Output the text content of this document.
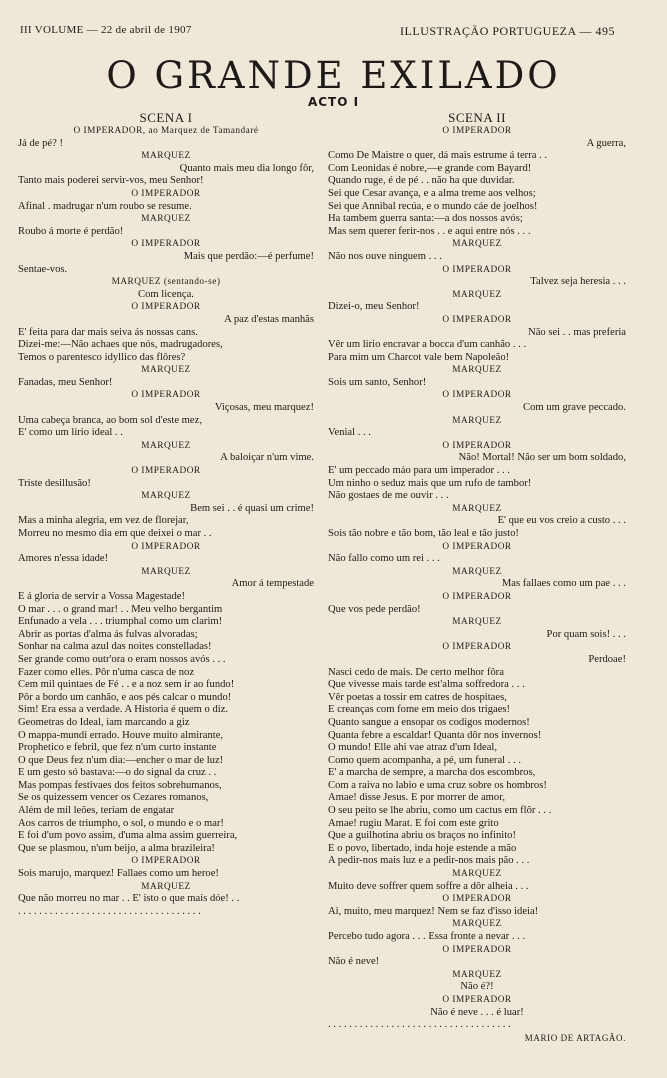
III VOLUME — 22 de abril de 1907	ILLUSTRAÇÃO PORTUGUEZA — 495
O GRANDE EXILADO
ACTO I
SCENA I
O IMPERADOR, ao Marquez de Tamandaré
Já de pé? !
MARQUEZ
Quanto mais meu dia longo fôr,
Tanto mais poderei servir-vos, meu Senhor!
O IMPERADOR
Afinal . madrugar n'um roubo se resume.
MARQUEZ
Roubo á morte é perdão!
O IMPERADOR
Mais que perdão:—é perfume!
Sentae-vos.
MARQUEZ (sentando-se)
Com licença.
O IMPERADOR
A paz d'estas manhãs
E' feita para dar mais seiva ás nossas cans.
Dizei-me:—Não achaes que nós, madrugadores,
Temos o parentesco idyllico das flôres?
MARQUEZ
Fanadas, meu Senhor!
O IMPERADOR
Viçosas, meu marquez!
Uma cabeça branca, ao bom sol d'este mez,
E' como um lirio ideal . .
MARQUEZ
A baloiçar n'um vime.
O IMPERADOR
Triste desillusão!
MARQUEZ
Bem sei . . é quasi um crime!
Mas a minha alegria, em vez de florejar,
Morreu no mesmo dia em que deixei o mar . .
O IMPERADOR
Amores n'essa idade!
MARQUEZ
Amor á tempestade
E á gloria de servir a Vossa Magestade!
O mar . . . o grand mar! . . Meu velho bergantim
Enfunado a vela . . . triumphal como um clarim!
Abrir as portas d'alma ás fulvas alvoradas;
Sonhar na calma azul das noites constelladas!
Ser grande como outr'ora o eram nossos avós . . .
Fazer como elles. Pôr n'uma casca de noz
Cem mil quintaes de Fé . . e a noz sem ir ao fundo!
Pôr a bordo um canhão, e aos pés calcar o mundo!
Sim! Era essa a verdade. A Historia é quem o diz.
Geometras do Ideal, iam marcando a giz
O mappa-mundi errado. Houve muito almirante,
Prophetico e febril, que fez n'um curto instante
O que Deus fez n'um dia:—encher o mar de luz!
E um gesto só bastava:—o do signal da cruz . .
Mas pompas festivaes dos feitos sobrehumanos,
Se os quizessem vencer os Cezares romanos,
Além de mil leões, teriam de engatar
Aos carros de triumpho, o sol, o mundo e o mar!
E foi d'um povo assim, d'uma alma assim guerreira,
Que se plasmou, n'um beijo, a alma brazileira!
O IMPERADOR
Sois marujo, marquez! Fallaes como um heroe!
MARQUEZ
Que não morreu no mar . . E' isto o que mais dóe! . .
. . . . . . . . . . . . . . . . . . . . . . . . . . . . . . . . . . .
SCENA II
O IMPERADOR
A guerra,
Como De Maistre o quer, dá mais estrume á terra . .
Com Leonidas é nobre,—e grande com Bayard!
Quando ruge, é de pé . . não ha que duvidar.
Sei que Cesar avança, e a alma treme aos velhos;
Sei que Annibal recúa, e o mundo cáe de joelhos!
Ha tambem guerra santa:—a dos nossos avós;
Mas sem querer ferir-nos . . e aqui entre nós . . .
MARQUEZ
Não nos ouve ninguem . . .
O IMPERADOR
Talvez seja heresia . . .
MARQUEZ
Dizei-o, meu Senhor!
O IMPERADOR
Não sei . . mas preferia
Vêr um lirio encravar a bocca d'um canhão . . .
Para mim um Charcot vale bem Napoleão!
MARQUEZ
Sois um santo, Senhor!
O IMPERADOR
Com um grave peccado.
MARQUEZ
Venial . . .
O IMPERADOR
Não! Mortal! Não ser um bom soldado,
E' um peccado máo para um imperador . . .
Um ninho o seduz mais que um rufo de tambor!
Não gostaes de me ouvir . . .
MARQUEZ
E' que eu vos creio a custo . . .
Sois tão nobre e tão bom, tão leal e tão justo!
O IMPERADOR
Não fallo como um rei . . .
MARQUEZ
Mas fallaes como um pae . . .
O IMPERADOR
Que vos pede perdão!
MARQUEZ
Por quam sois! . . .
O IMPERADOR
Perdoae!
Nasci cedo de mais. De certo melhor fôra
Que vivesse mais tarde est'alma soffredora . . .
Vêr poetas a tossir em catres de hospitaes,
E creanças com fome em meio dos trigaes!
Quanto sangue a ensopar os codigos modernos!
Quanta febre a escaldar! Quanta dôr nos invernos!
O mundo! Elle ahi vae atraz d'um Ideal,
Como quem acompanha, a pé, um funeral . . .
E' a marcha de sempre, a marcha dos escombros,
Com a raiva no labio e uma cruz sobre os hombros!
Amae! disse Jesus. E por morrer de amor,
O seu peito se lhe abriu, como um cactus em flôr . . .
Amae! rugiu Marat. E foi com este grito
Que a guilhotina abriu os braços no infinito!
E o povo, libertado, inda hoje estende a mão
A pedir-nos mais luz e a pedir-nos mais pão . . .
MARQUEZ
Muito deve soffrer quem soffre a dôr alheia . . .
O IMPERADOR
Ai, muito, meu marquez! Nem se faz d'isso ideia!
MARQUEZ
Percebo tudo agora . . . Essa fronte a nevar . . .
O IMPERADOR
Não é neve!
MARQUEZ
Não é?!
O IMPERADOR
Não é neve . . . é luar!
. . . . . . . . . . . . . . . . . . . . . . . . . . . . . . . . . . .
MARIO DE ARTAGÃO.
